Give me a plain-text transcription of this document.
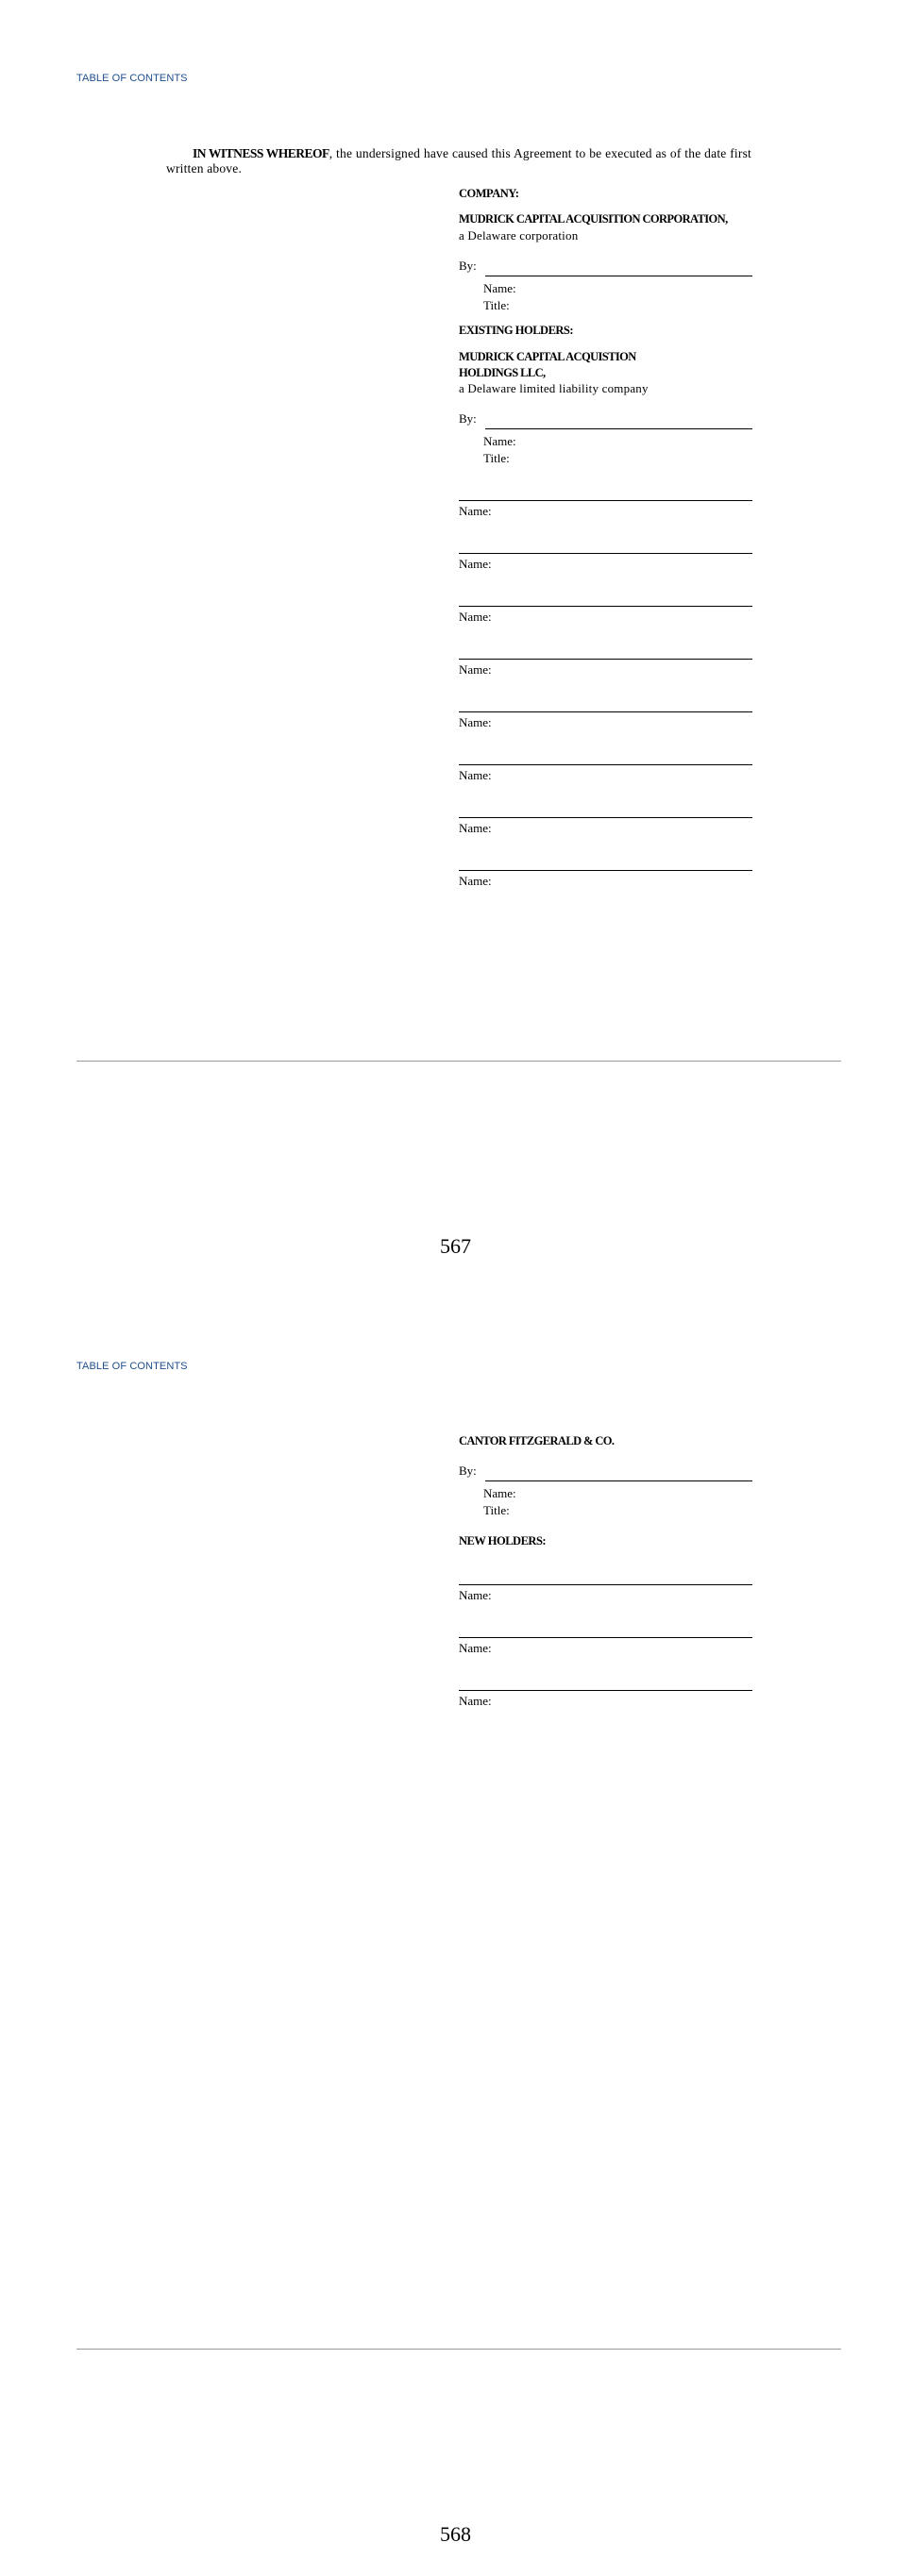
TABLE OF CONTENTS
IN WITNESS WHEREOF, the undersigned have caused this Agreement to be executed as of the date first written above.
COMPANY:
MUDRICK CAPITAL ACQUISITION CORPORATION,
a Delaware corporation
By:
Name:
Title:
EXISTING HOLDERS:
MUDRICK CAPITAL ACQUISTION
HOLDINGS LLC,
a Delaware limited liability company
By:
Name:
Title:
Name:
Name:
Name:
Name:
Name:
Name:
Name:
Name:
567
TABLE OF CONTENTS
CANTOR FITZGERALD & CO.
By:
Name:
Title:
NEW HOLDERS:
Name:
Name:
Name:
568
